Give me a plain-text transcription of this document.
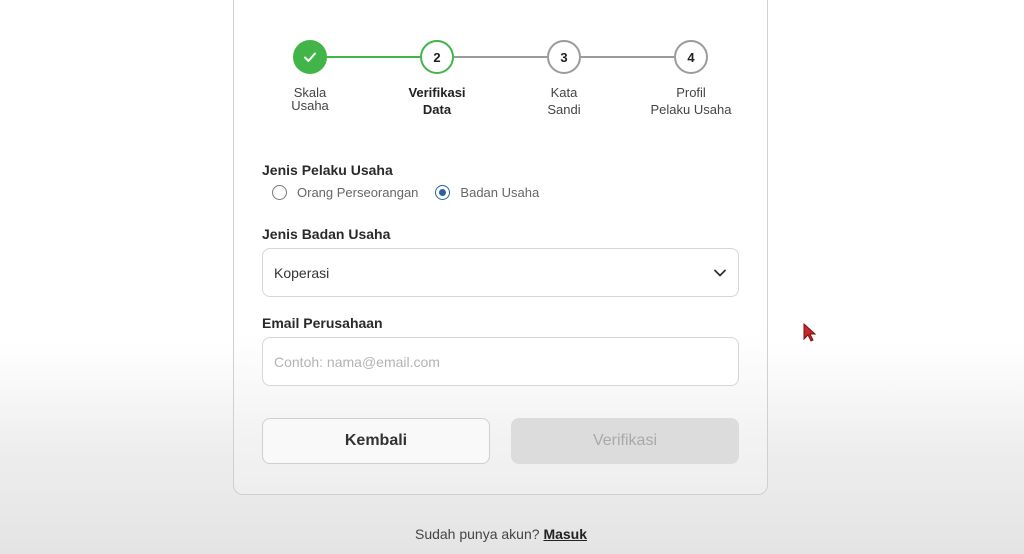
2	3	4
Skala
Usaha
Verifikasi
Data
Kata
Sandi
Profil
Pelaku Usaha
Jenis Pelaku Usaha
Orang Perseorangan	Badan Usaha
Jenis Badan Usaha
Koperasi
Email Perusahaan
Contoh: nama@email.com
Kembali	Verifikasi
Sudah punya akun? Masuk
